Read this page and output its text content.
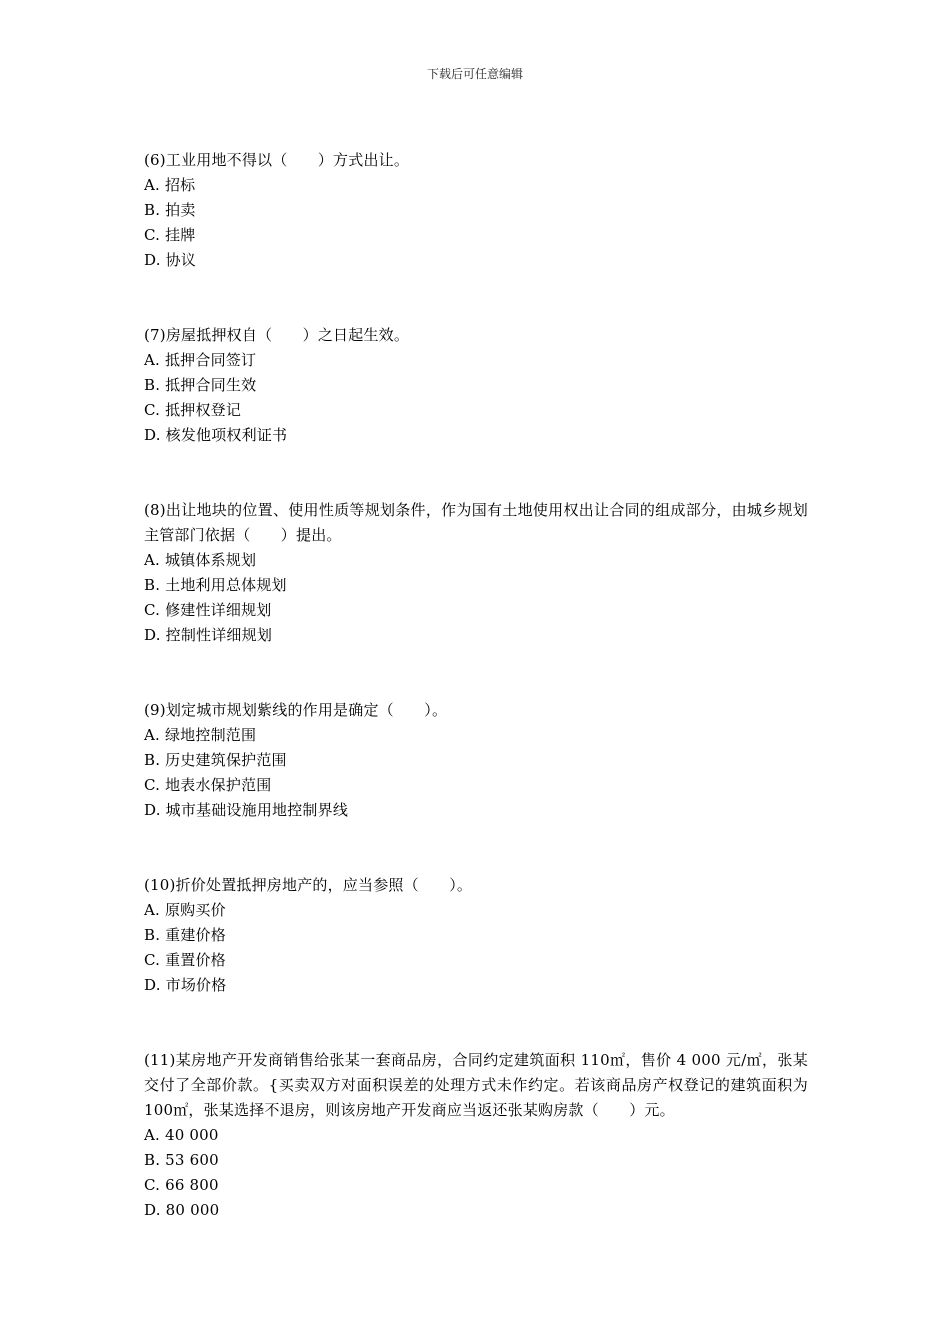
下载后可任意编辑

(6)工业用地不得以（　　）方式出让。

A. 招标

B. 拍卖

C. 挂牌

D. 协议

(7)房屋抵押权自（　　）之日起生效。

A. 抵押合同签订

B. 抵押合同生效

C. 抵押权登记

D. 核发他项权利证书

(8)出让地块的位置、使用性质等规划条件，作为国有土地使用权出让合同的组成部分，由城乡规划主管部门依据（　　）提出。

A. 城镇体系规划

B. 土地利用总体规划

C. 修建性详细规划

D. 控制性详细规划

(9)划定城市规划紫线的作用是确定（　　）。

A. 绿地控制范围

B. 历史建筑保护范围

C. 地表水保护范围

D. 城市基础设施用地控制界线

(10)折价处置抵押房地产的，应当参照（　　）。

A. 原购买价

B. 重建价格

C. 重置价格

D. 市场价格

(11)某房地产开发商销售给张某一套商品房，合同约定建筑面积 110㎡，售价 4 000 元/㎡，张某交付了全部价款。{买卖双方对面积误差的处理方式未作约定。若该商品房产权登记的建筑面积为 100㎡，张某选择不退房，则该房地产开发商应当返还张某购房款（　　）元。

A. 40 000

B. 53 600

C. 66 800

D. 80 000
